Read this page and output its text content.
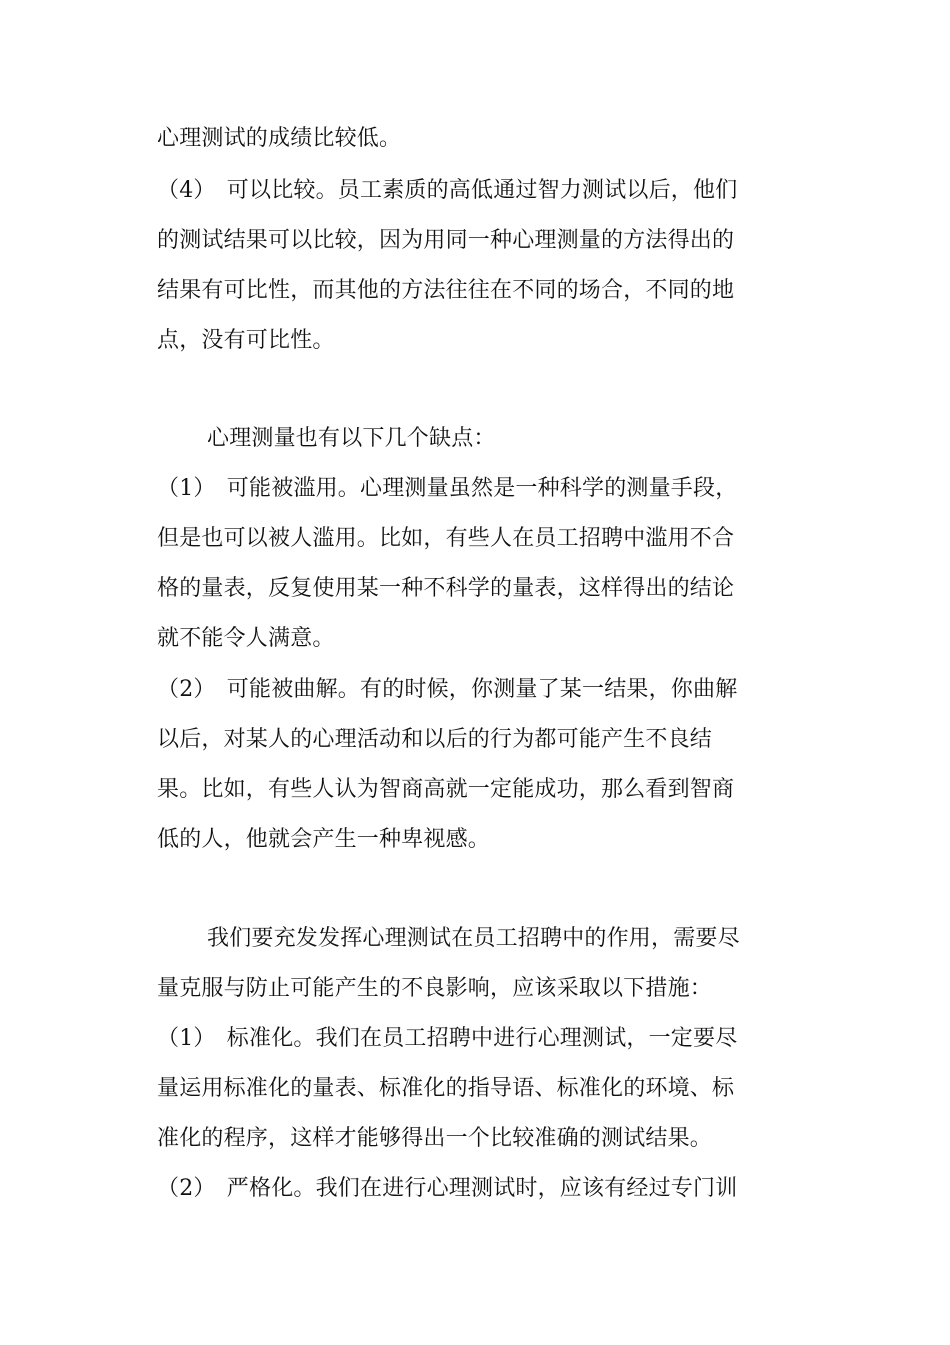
心理测试的成绩比较低。
（4）　可以比较。员工素质的高低通过智力测试以后，他们
的测试结果可以比较，因为用同一种心理测量的方法得出的
结果有可比性，而其他的方法往往在不同的场合，不同的地
点，没有可比性。
心理测量也有以下几个缺点：
（1）　可能被滥用。心理测量虽然是一种科学的测量手段，
但是也可以被人滥用。比如，有些人在员工招聘中滥用不合
格的量表，反复使用某一种不科学的量表，这样得出的结论
就不能令人满意。
（2）　可能被曲解。有的时候，你测量了某一结果，你曲解
以后，对某人的心理活动和以后的行为都可能产生不良结
果。比如，有些人认为智商高就一定能成功，那么看到智商
低的人，他就会产生一种卑视感。
我们要充发发挥心理测试在员工招聘中的作用，需要尽
量克服与防止可能产生的不良影响，应该采取以下措施：
（1）　标准化。我们在员工招聘中进行心理测试，一定要尽
量运用标准化的量表、标准化的指导语、标准化的环境、标
准化的程序，这样才能够得出一个比较准确的测试结果。
（2）　严格化。我们在进行心理测试时，应该有经过专门训
